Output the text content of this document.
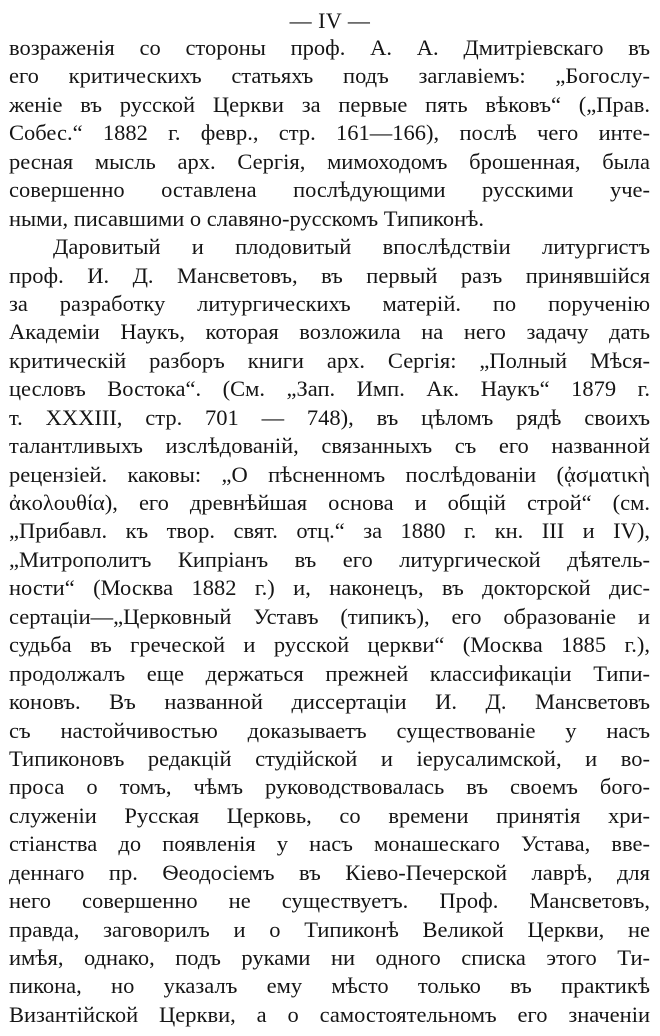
— IV —
возраженія со стороны проф. А. А. Дмитріевскаго въ
его критическихъ статьяхъ подъ заглавіемъ: „Богослу-
женіе въ русской Церкви за первые пять вѣковъ“ („Прав.
Собес.“ 1882 г. февр., стр. 161—166), послѣ чего инте-
ресная мысль арх. Сергія, мимоходомъ брошенная, была
совершенно оставлена послѣдующими русскими уче-
ными, писавшими о славяно-русскомъ Типиконѣ.
Даровитый и плодовитый впослѣдствіи литургистъ
проф. И. Д. Мансветовъ, въ первый разъ принявшійся
за разработку литургическихъ матерій. по порученію
Академіи Наукъ, которая возложила на него задачу дать
критическій разборъ книги арх. Сергія: „Полный Мѣся-
цесловъ Востока“. (См. „Зап. Имп. Ак. Наукъ“ 1879 г.
т. XXXIII, стр. 701 — 748), въ цѣломъ рядѣ своихъ
талантливыхъ изслѣдованій, связанныхъ съ его названной
рецензіей. каковы: „О пѣсненномъ послѣдованіи (ᾀσματικὴ
ἀκολουθία), его древнѣйшая основа и общій строй“ (см.
„Прибавл. къ твор. свят. отц.“ за 1880 г. кн. III и IV),
„Митрополитъ Кипріанъ въ его литургической дѣятель-
ности“ (Москва 1882 г.) и, наконецъ, въ докторской дис-
сертаціи—„Церковный Уставъ (типикъ), его образованіе и
судьба въ греческой и русской церкви“ (Москва 1885 г.),
продолжалъ еще держаться прежней классификаціи Типи-
коновъ. Въ названной диссертаціи И. Д. Мансветовъ
съ настойчивостью доказываетъ существованіе у насъ
Типиконовъ редакцій студійской и іерусалимской, и во-
проса о томъ, чѣмъ руководствовалась въ своемъ бого-
служеніи Русская Церковь, со времени принятія хри-
стіанства до появленія у насъ монашескаго Устава, вве-
деннаго пр. Ѳеодосіемъ въ Кіево-Печерской лаврѣ, для
него совершенно не существуетъ. Проф. Мансветовъ,
правда, заговорилъ и о Типиконѣ Великой Церкви, не
имѣя, однако, подъ руками ни одного списка этого Ти-
пикона, но указалъ ему мѣсто только въ практикѣ
Византійской Церкви, а о самостоятельномъ его значеніи
